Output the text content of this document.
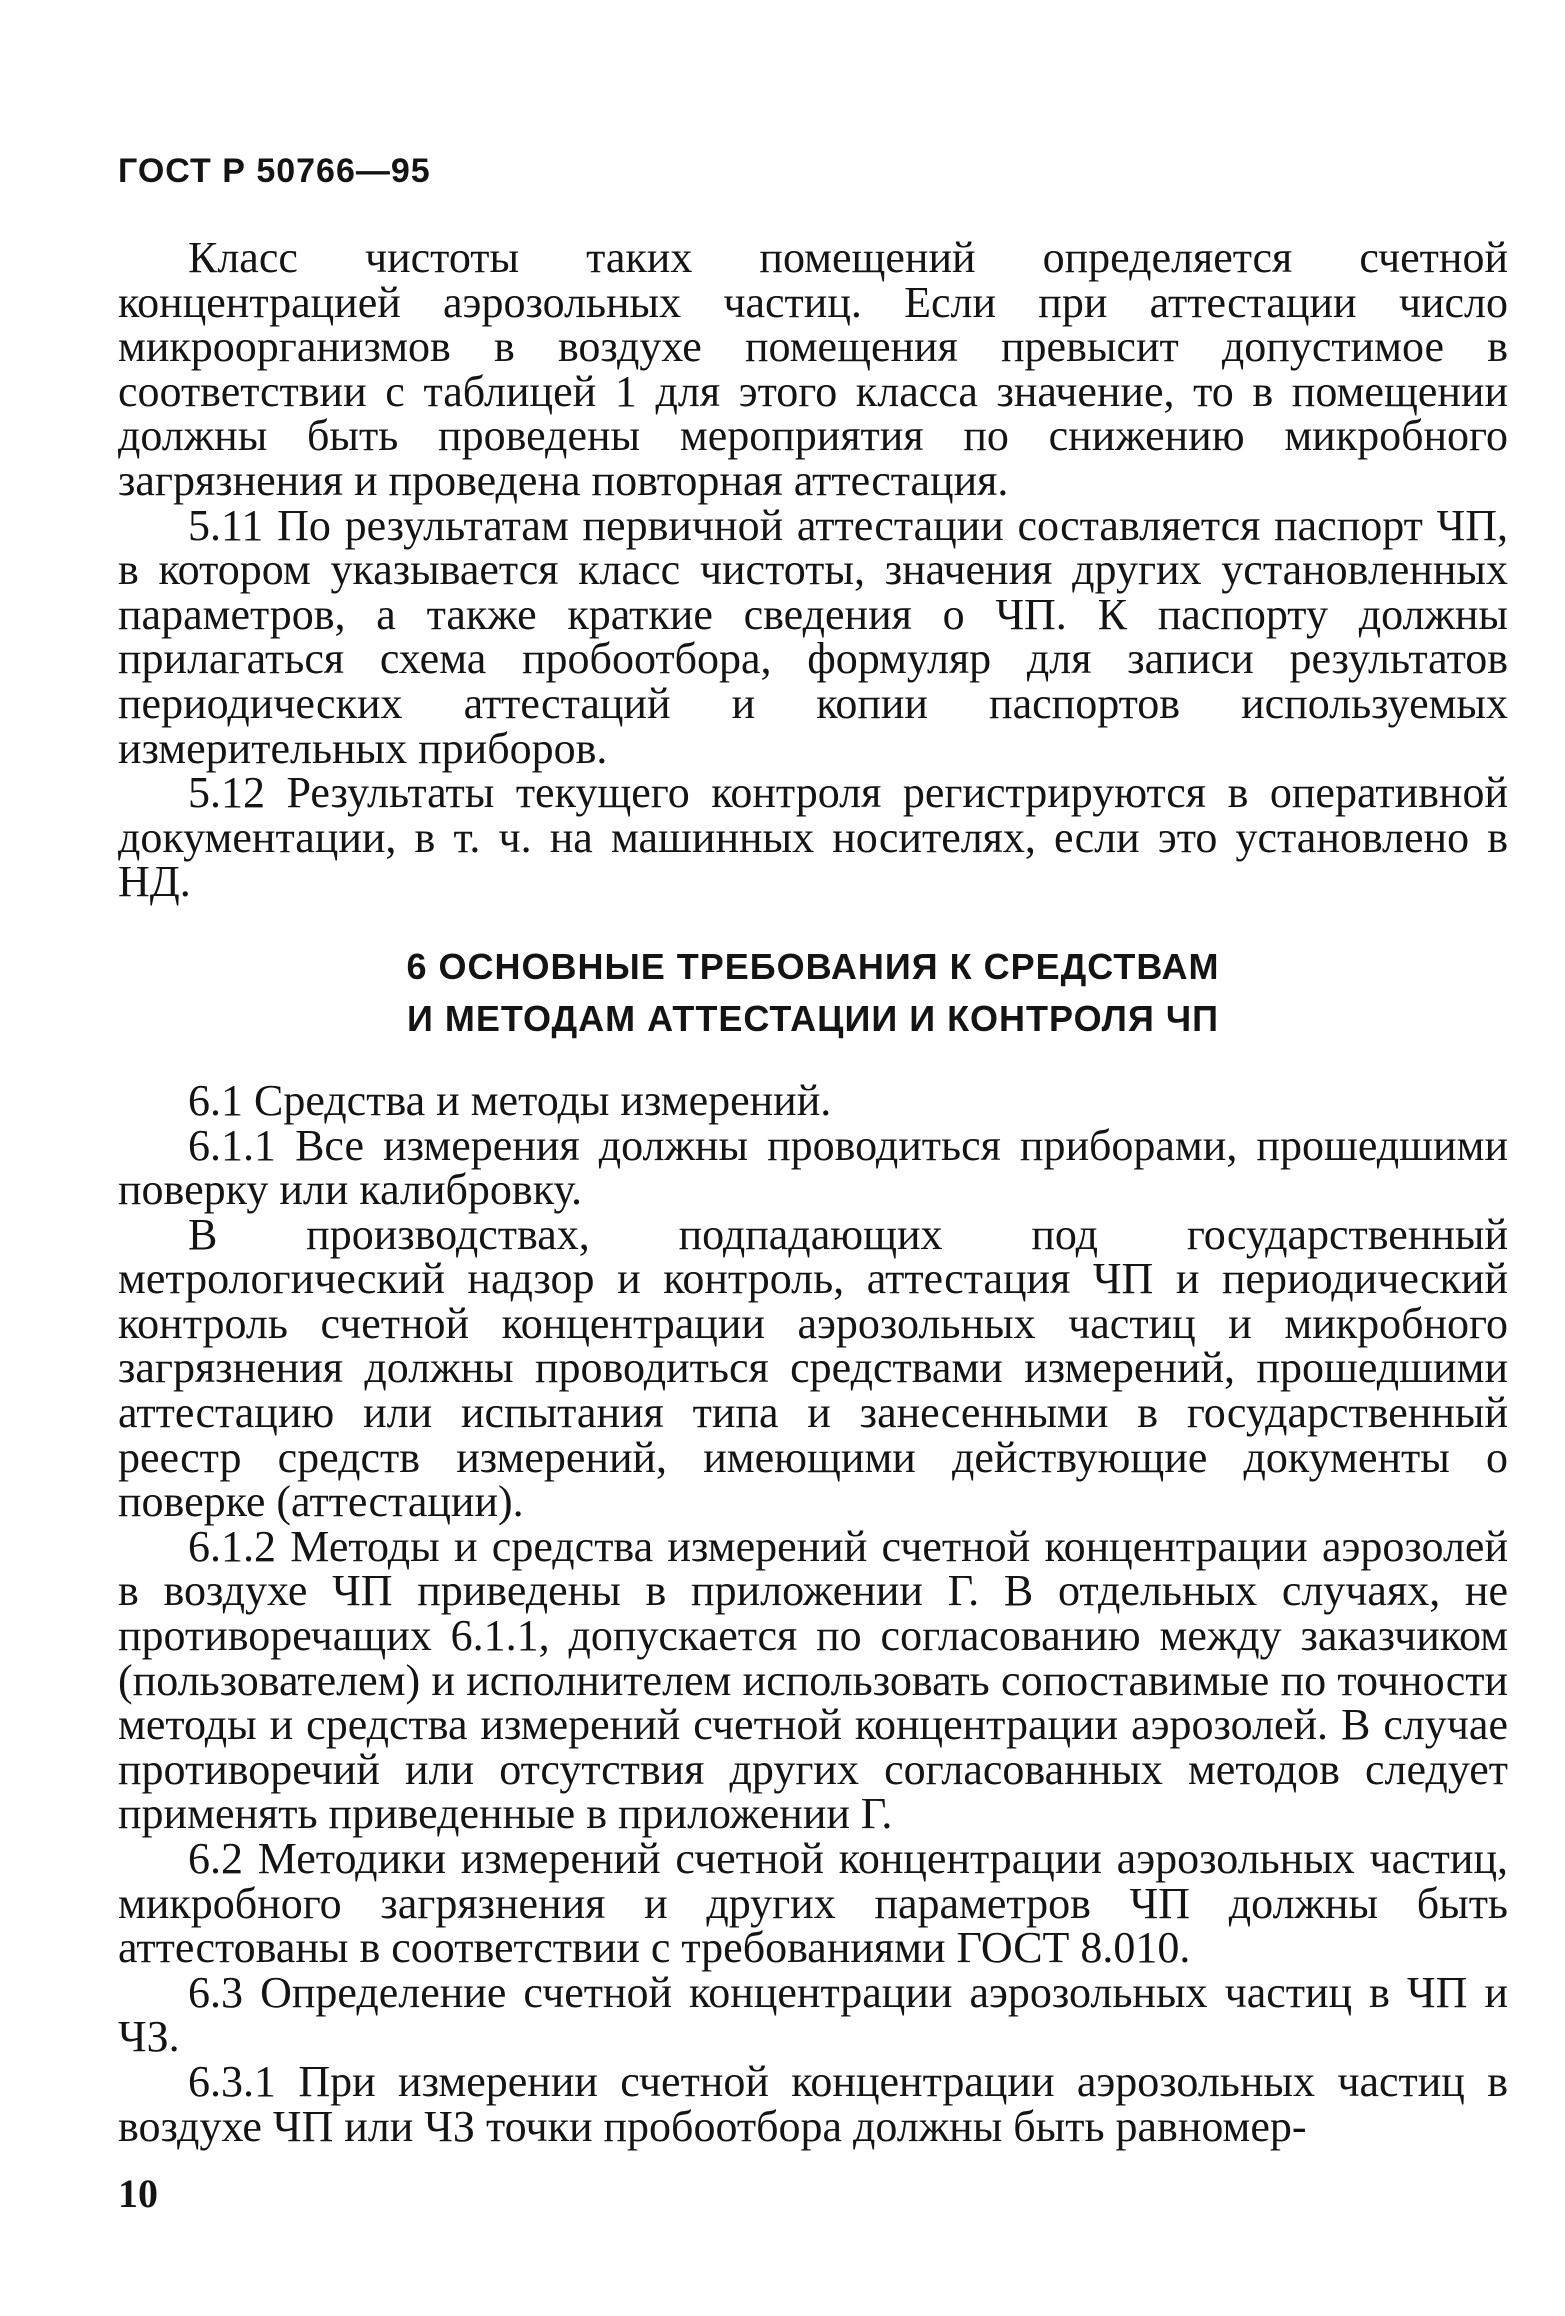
ГОСТ Р 50766—95

Класс чистоты таких помещений определяется счетной концентрацией аэрозольных частиц. Если при аттестации число микроорганизмов в воздухе помещения превысит допустимое в соответствии с таблицей 1 для этого класса значение, то в помещении должны быть проведены мероприятия по снижению микробного загрязнения и проведена повторная аттестация.

5.11 По результатам первичной аттестации составляется паспорт ЧП, в котором указывается класс чистоты, значения других установленных параметров, а также краткие сведения о ЧП. К паспорту должны прилагаться схема пробоотбора, формуляр для записи результатов периодических аттестаций и копии паспортов используемых измерительных приборов.

5.12 Результаты текущего контроля регистрируются в оперативной документации, в т. ч. на машинных носителях, если это установлено в НД.

6 ОСНОВНЫЕ ТРЕБОВАНИЯ К СРЕДСТВАМ
И МЕТОДАМ АТТЕСТАЦИИ И КОНТРОЛЯ ЧП

6.1 Средства и методы измерений.

6.1.1 Все измерения должны проводиться приборами, прошедшими поверку или калибровку.

В производствах, подпадающих под государственный метрологический надзор и контроль, аттестация ЧП и периодический контроль счетной концентрации аэрозольных частиц и микробного загрязнения должны проводиться средствами измерений, прошедшими аттестацию или испытания типа и занесенными в государственный реестр средств измерений, имеющими действующие документы о поверке (аттестации).

6.1.2 Методы и средства измерений счетной концентрации аэрозолей в воздухе ЧП приведены в приложении Г. В отдельных случаях, не противоречащих 6.1.1, допускается по согласованию между заказчиком (пользователем) и исполнителем использовать сопоставимые по точности методы и средства измерений счетной концентрации аэрозолей. В случае противоречий или отсутствия других согласованных методов следует применять приведенные в приложении Г.

6.2 Методики измерений счетной концентрации аэрозольных частиц, микробного загрязнения и других параметров ЧП должны быть аттестованы в соответствии с требованиями ГОСТ 8.010.

6.3 Определение счетной концентрации аэрозольных частиц в ЧП и ЧЗ.

6.3.1 При измерении счетной концентрации аэрозольных частиц в воздухе ЧП или ЧЗ точки пробоотбора должны быть равномер-

10
